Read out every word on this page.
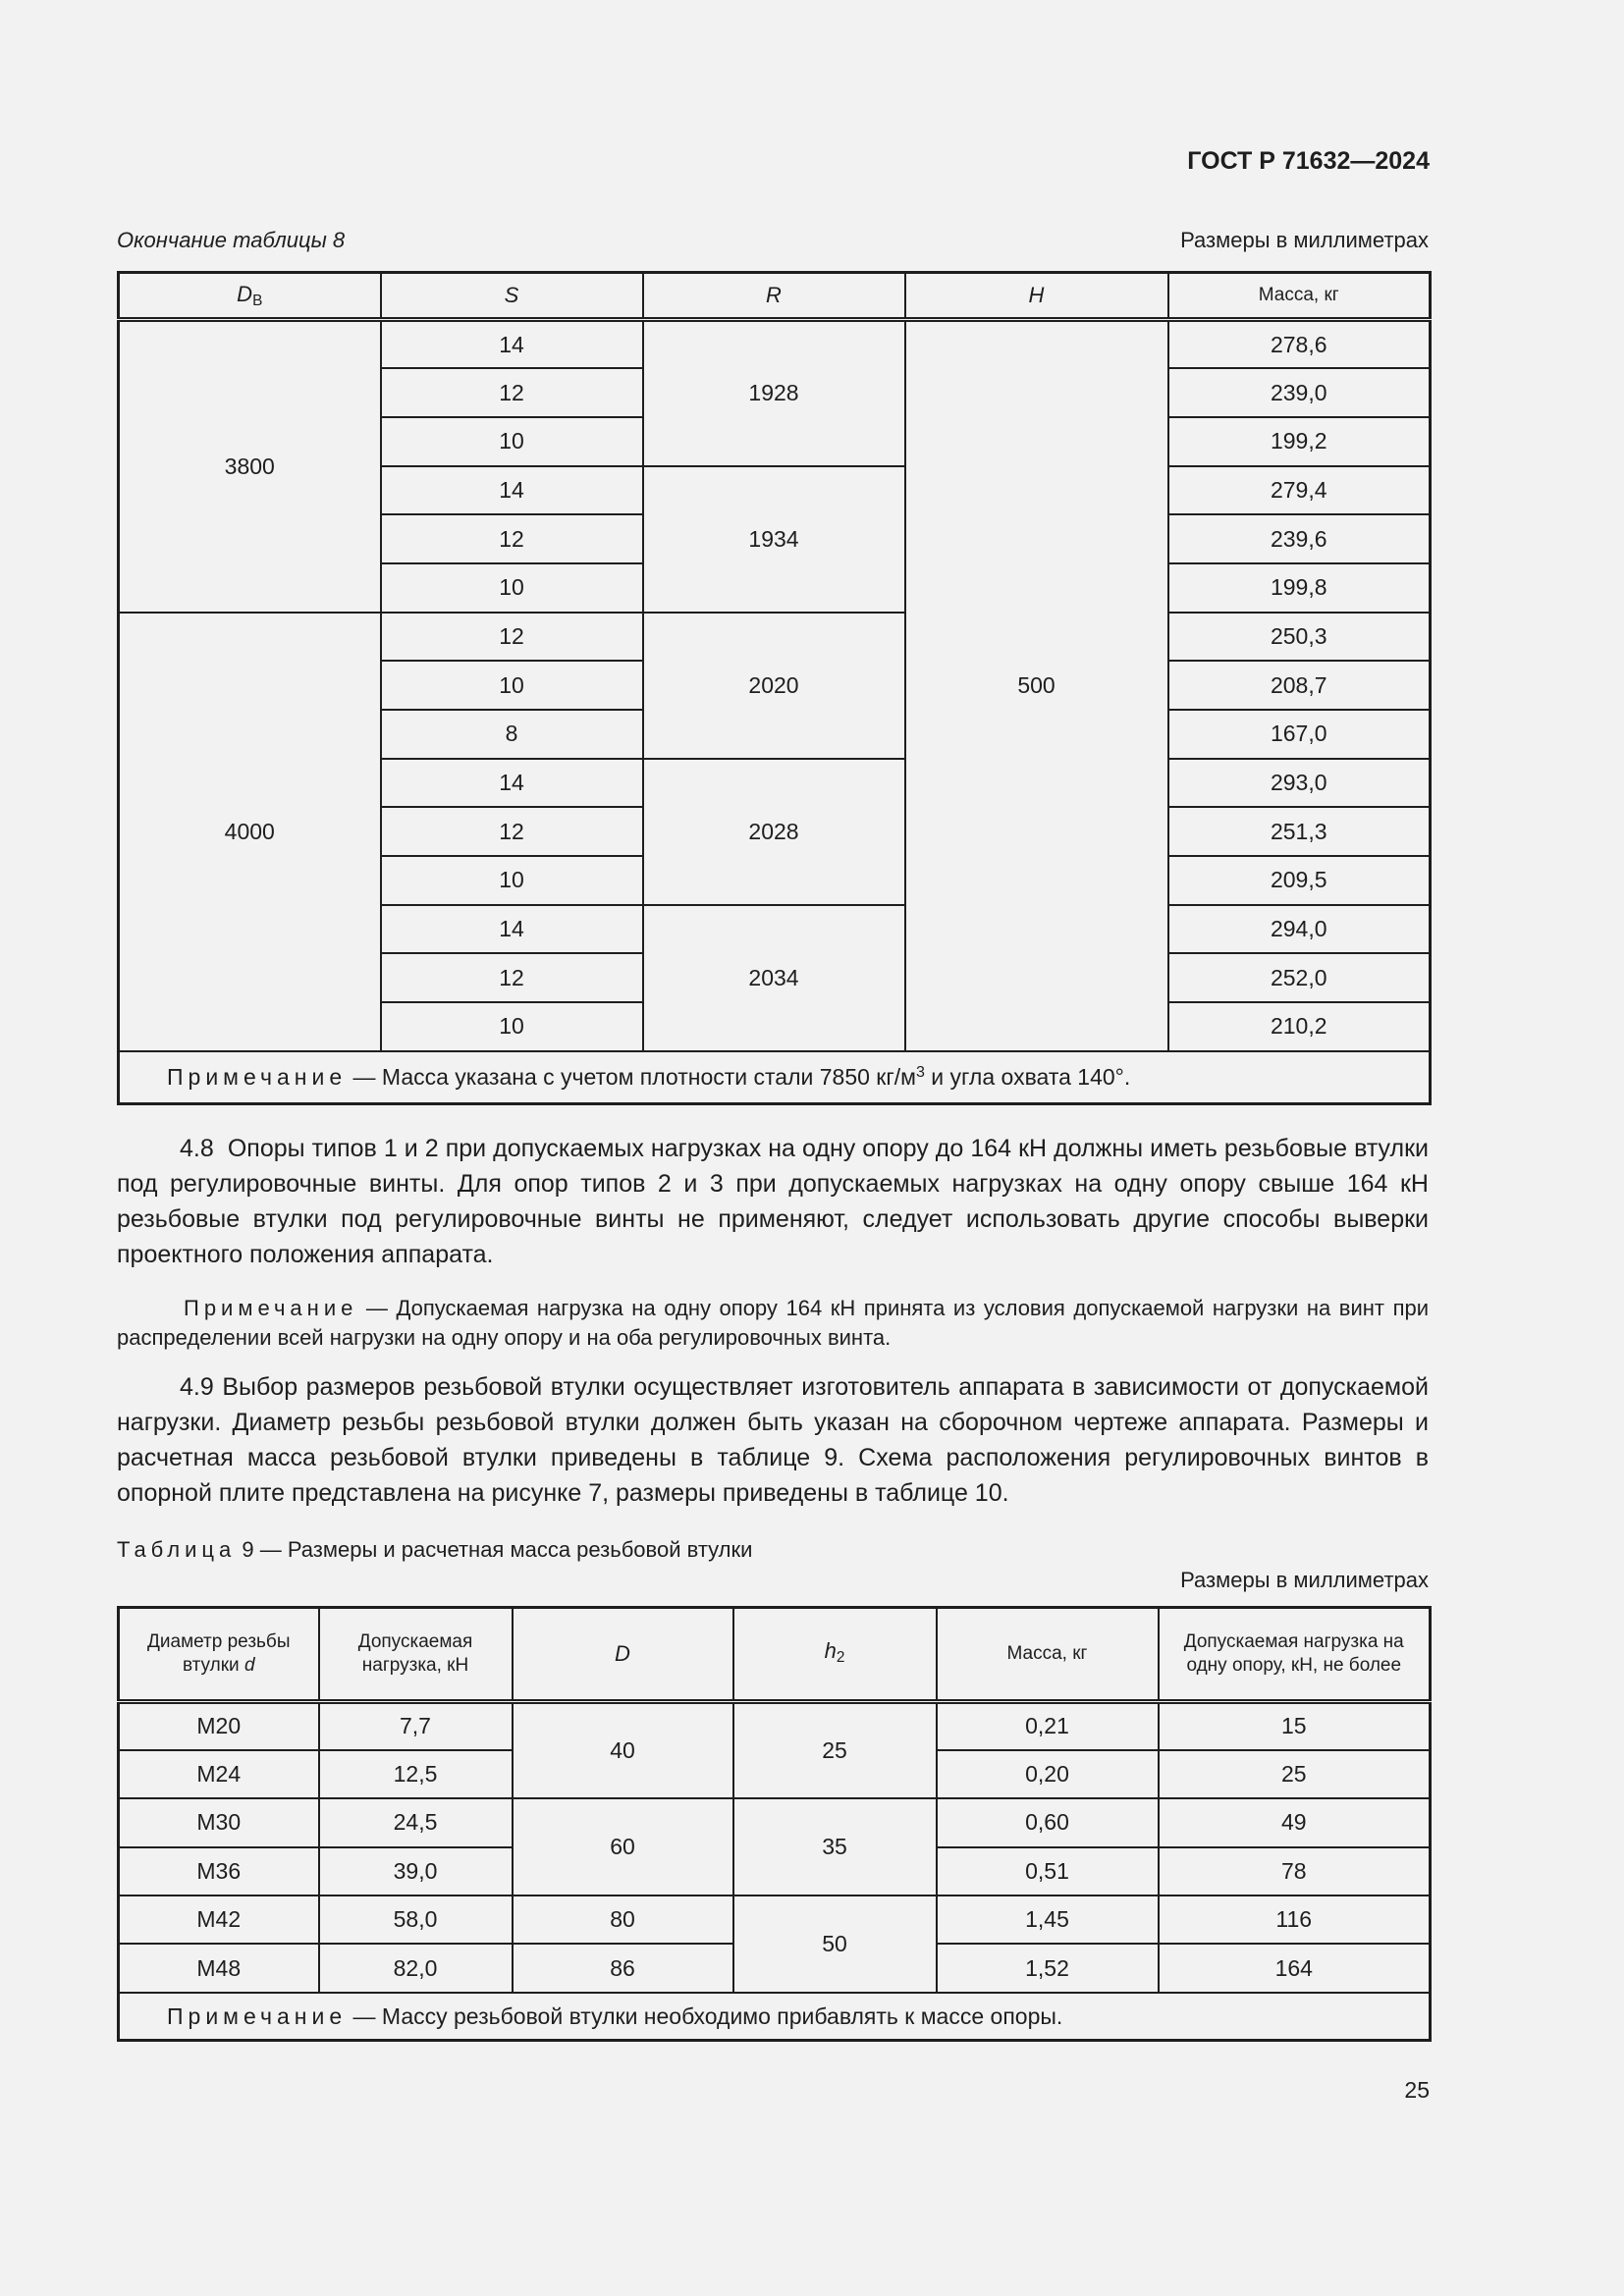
ГОСТ Р 71632—2024
Окончание таблицы 8	Размеры в миллиметрах
$D_B$	S	R	H	Масса, кг
3800	14	1928	500	278,6
	12			239,0
	10			199,2
	14	1934		279,4
	12			239,6
	10			199,8
4000	12	2020		250,3
	10			208,7
	8			167,0
	14	2028		293,0
	12			251,3
	10			209,5
	14	2034		294,0
	12			252,0
	10			210,2
Примечание — Масса указана с учетом плотности стали 7850 $кг/м^3$ и угла охвата 140°.				
4.8 Опоры типов 1 и 2 при допускаемых нагрузках на одну опору до 164 кН должны иметь резьбовые втулки под регулировочные винты. Для опор типов 2 и 3 при допускаемых нагрузках на одну опору свыше 164 кН резьбовые втулки под регулировочные винты не применяют, следует использовать другие способы выверки проектного положения аппарата.
Примечание — Допускаемая нагрузка на одну опору 164 кН принята из условия допускаемой нагрузки на винт при распределении всей нагрузки на одну опору и на оба регулировочных винта.
4.9 Выбор размеров резьбовой втулки осуществляет изготовитель аппарата в зависимости от допускаемой нагрузки. Диаметр резьбы резьбовой втулки должен быть указан на сборочном чертеже аппарата. Размеры и расчетная масса резьбовой втулки приведены в таблице 9. Схема расположения регулировочных винтов в опорной плите представлена на рисунке 7, размеры приведены в таблице 10.
Таблица 9 — Размеры и расчетная масса резьбовой втулки
Размеры в миллиметрах
Диаметр резьбы втулки d	Допускаемая нагрузка, кН	D	$h_2$	Масса, кг	Допускаемая нагрузка на одну опору, кН, не более
М20	7,7	40	25	0,21	15
М24	12,5			0,20	25
М30	24,5	60	35	0,60	49
М36	39,0			0,51	78
М42	58,0	80	50	1,45	116
М48	82,0	86		1,52	164
Примечание — Массу резьбовой втулки необходимо прибавлять к массе опоры.					
25
